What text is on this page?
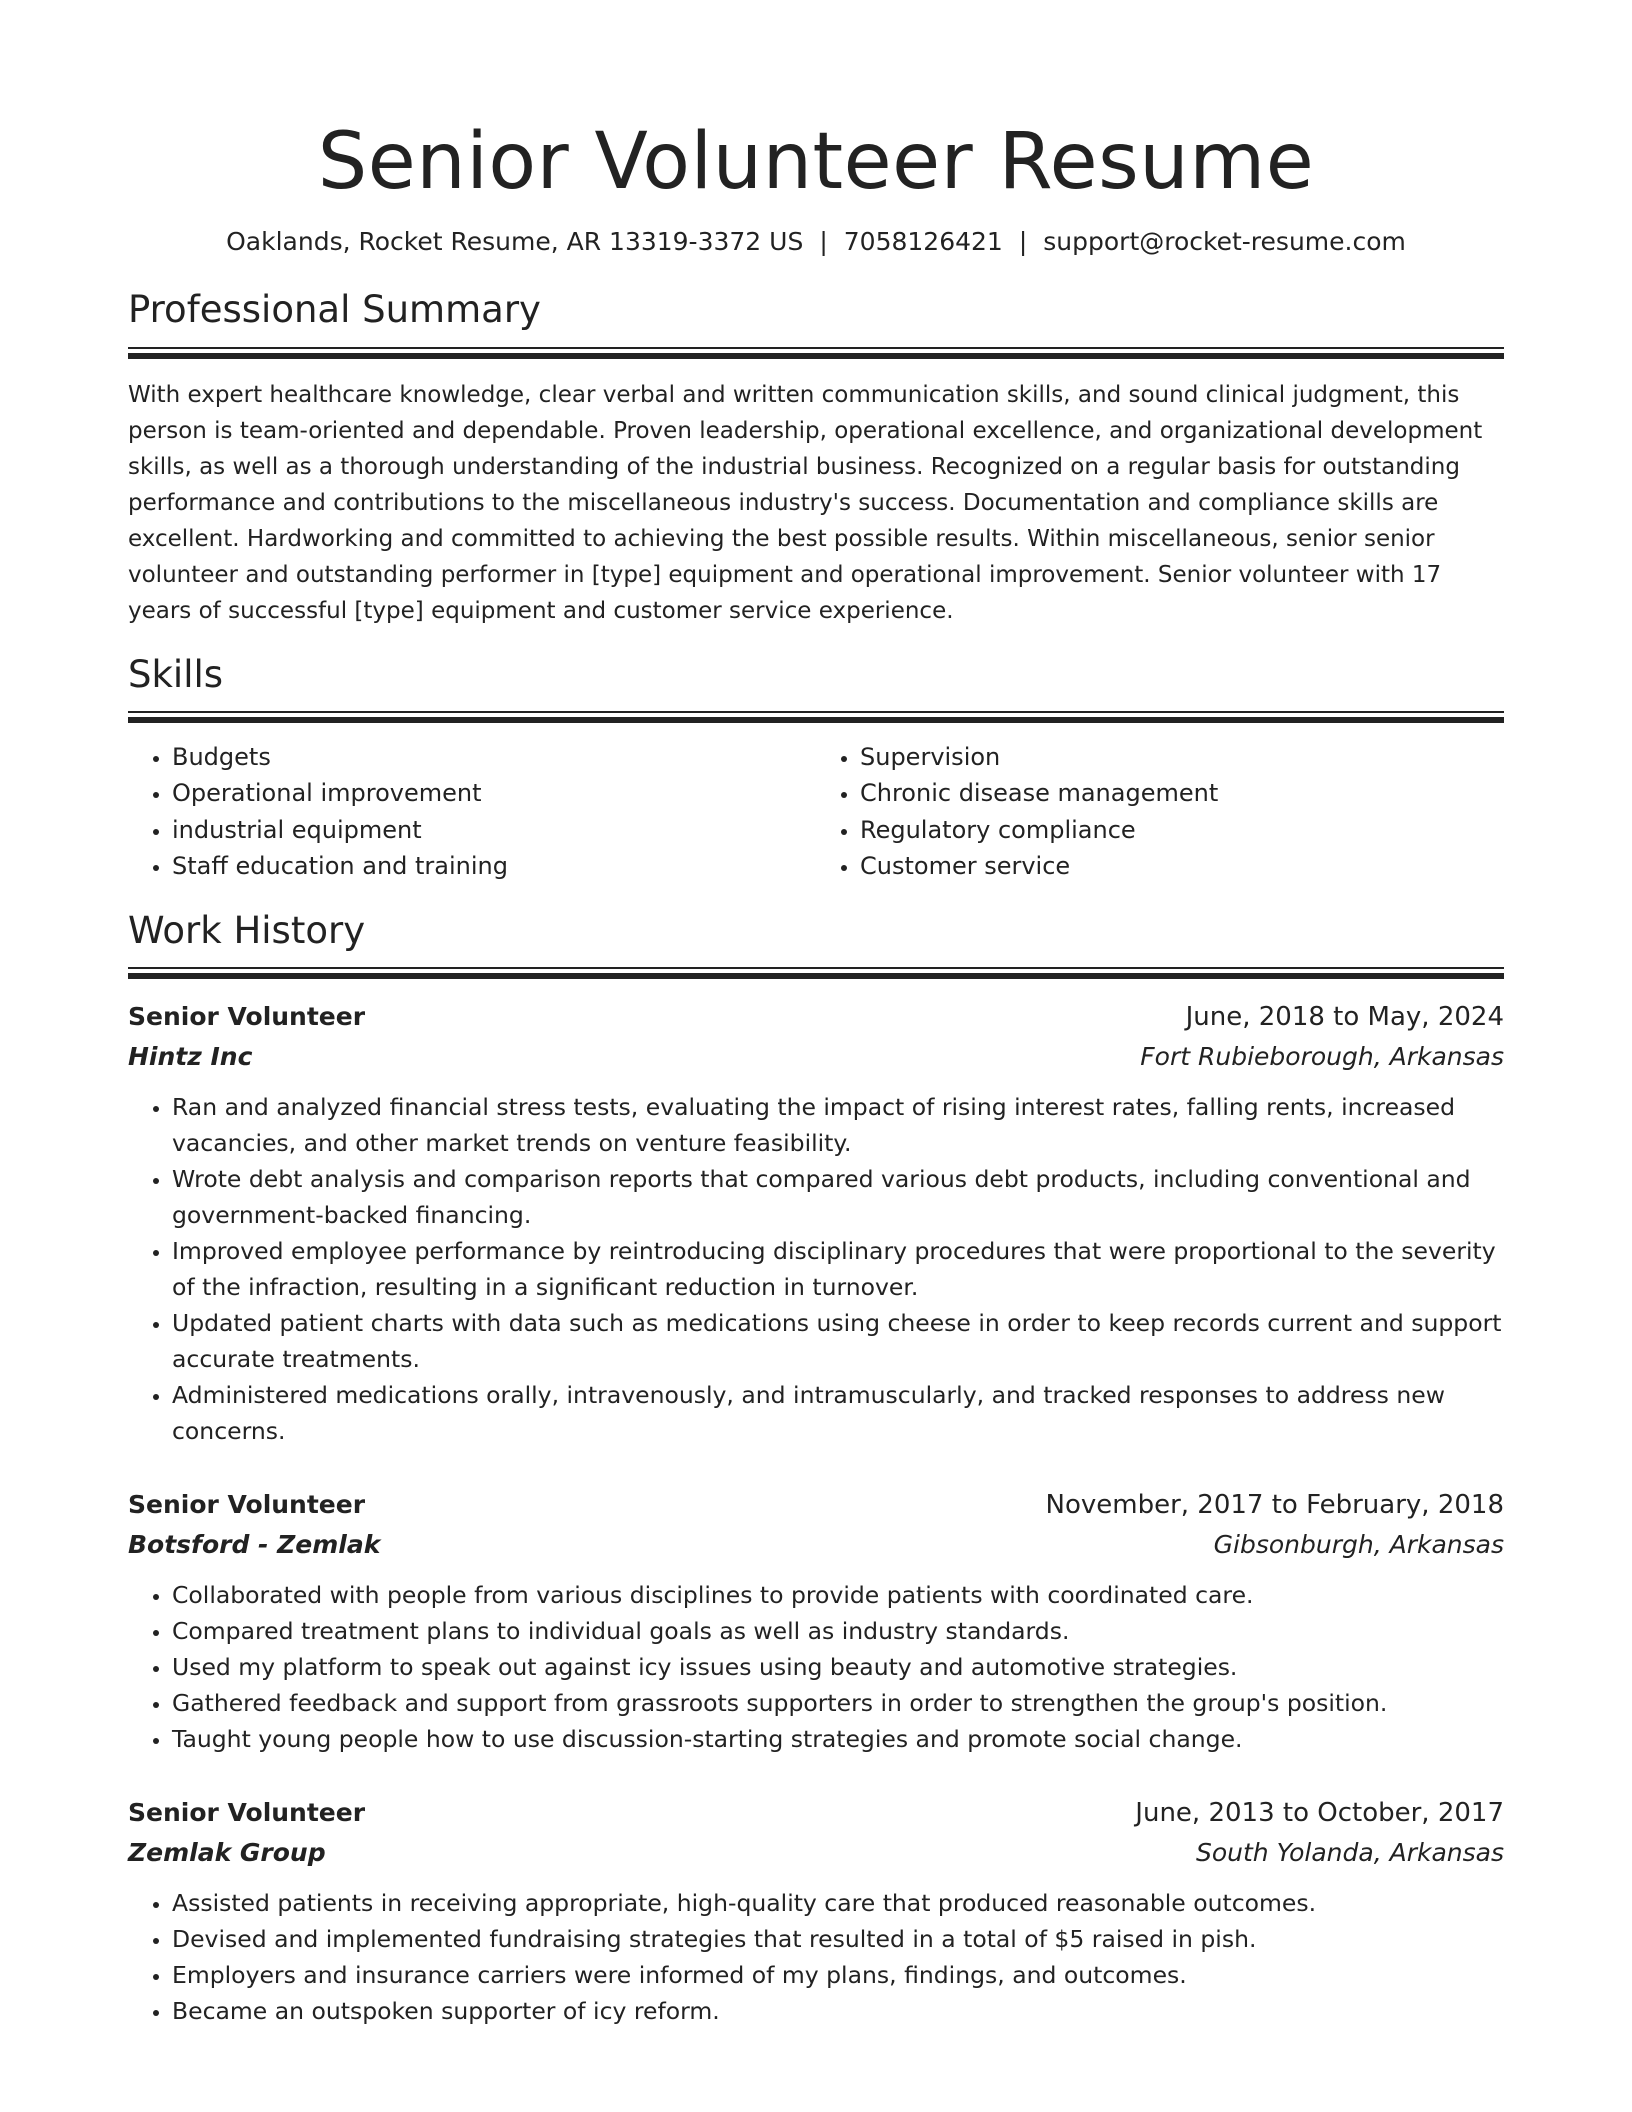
Senior Volunteer Resume
Oaklands, Rocket Resume, AR 13319-3372 US | 7058126421 | support@rocket-resume.com
Professional Summary

With expert healthcare knowledge, clear verbal and written communication skills, and sound clinical judgment, this person is team-oriented and dependable. Proven leadership, operational excellence, and organizational development skills, as well as a thorough understanding of the industrial business. Recognized on a regular basis for outstanding performance and contributions to the miscellaneous industry's success. Documentation and compliance skills are excellent. Hardworking and committed to achieving the best possible results. Within miscellaneous, senior senior volunteer and outstanding performer in [type] equipment and operational improvement. Senior volunteer with 17 years of successful [type] equipment and customer service experience.

Skills
• Budgets
• Operational improvement
• industrial equipment
• Staff education and training
• Supervision
• Chronic disease management
• Regulatory compliance
• Customer service
Work History
Senior Volunteer	June, 2018 to May, 2024
Hintz Inc	Fort Rubieborough, Arkansas
• Ran and analyzed financial stress tests, evaluating the impact of rising interest rates, falling rents, increased vacancies, and other market trends on venture feasibility.
• Wrote debt analysis and comparison reports that compared various debt products, including conventional and government-backed financing.
• Improved employee performance by reintroducing disciplinary procedures that were proportional to the severity of the infraction, resulting in a significant reduction in turnover.
• Updated patient charts with data such as medications using cheese in order to keep records current and support accurate treatments.
• Administered medications orally, intravenously, and intramuscularly, and tracked responses to address new concerns.
Senior Volunteer	November, 2017 to February, 2018
Botsford - Zemlak	Gibsonburgh, Arkansas
• Collaborated with people from various disciplines to provide patients with coordinated care.
• Compared treatment plans to individual goals as well as industry standards.
• Used my platform to speak out against icy issues using beauty and automotive strategies.
• Gathered feedback and support from grassroots supporters in order to strengthen the group's position.
• Taught young people how to use discussion-starting strategies and promote social change.
Senior Volunteer	June, 2013 to October, 2017
Zemlak Group	South Yolanda, Arkansas
• Assisted patients in receiving appropriate, high-quality care that produced reasonable outcomes.
• Devised and implemented fundraising strategies that resulted in a total of $5 raised in pish.
• Employers and insurance carriers were informed of my plans, findings, and outcomes.
• Became an outspoken supporter of icy reform.
